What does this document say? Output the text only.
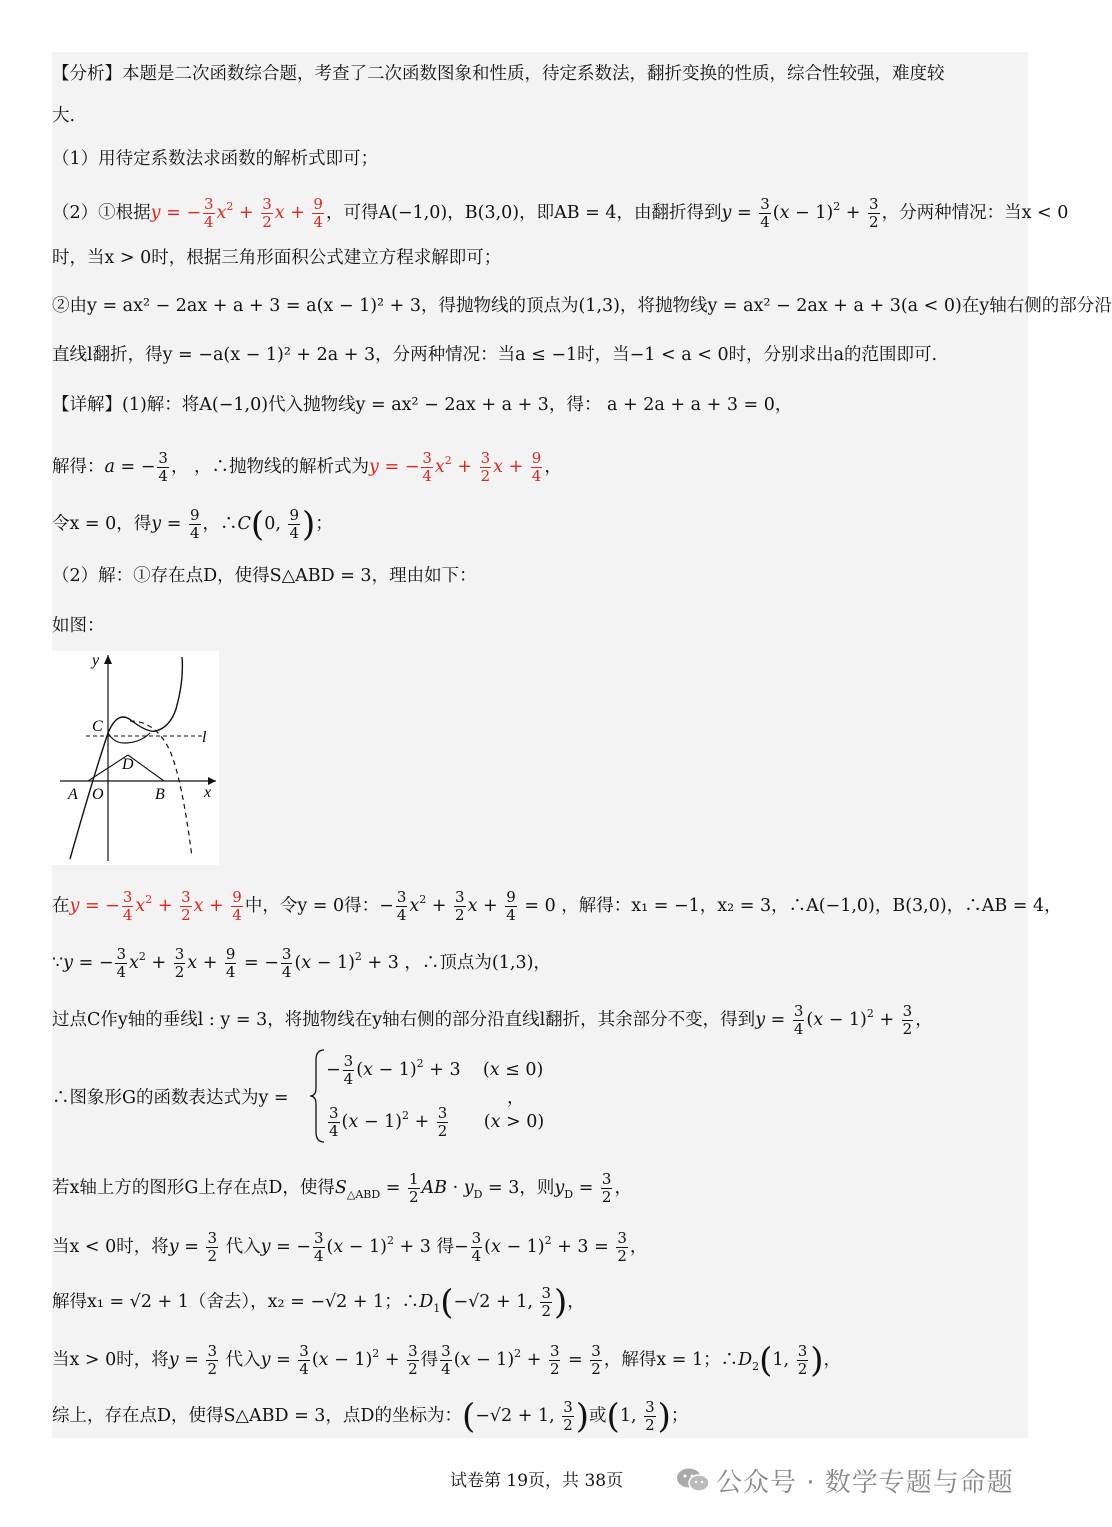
【分析】本题是二次函数综合题，考查了二次函数图象和性质，待定系数法，翻折变换的性质，综合性较强，难度较
大.
（1）用待定系数法求函数的解析式即可；
（2）①根据y = − $\frac{3}{4} x^2 + \frac{3}{2}$ $x + \frac{9}{4}$ ，可得A(−1,0)，B(3,0)，即AB = 4，由翻折得到$y = \frac{3}{4} (x - 1)^2 + \frac{3}{2}$ ，分两种情况：当x < 0
时，当x > 0时，根据三角形面积公式建立方程求解即可；
②由y = ax² − 2ax + a + 3 = a(x − 1)² + 3，得抛物线的顶点为(1,3)，将抛物线y = ax² − 2ax + a + 3(a < 0)在y轴右侧的部分沿
直线l翻折，得y = −a(x − 1)² + 2a + 3，分两种情况：当a ≤ −1时，当−1 < a < 0时，分别求出a的范围即可.
【详解】(1)解：将A(−1,0)代入抛物线y = ax² − 2ax + a + 3，得： a + 2a + a + 3 = 0，
解得：a = − $\frac{3}{4}$ ， ，∴抛物线的解析式为y = − $\frac{3}{4} x^2 + \frac{3}{2}$ $x + \frac{9}{4}$ ，
令x = 0，得$y = \frac{9}{4}$ ，∴C(0, $\frac{9}{4}$ )；
（2）解：①存在点D，使得S△ABD = 3，理由如下：
如图：
y
C
l
D
A O	B x
在y = − $\frac{3}{4} x^2 + \frac{3}{2}$ $x + \frac{9}{4}$ 中，令y = 0得：− $\frac{3}{4} x^2 + \frac{3}{2}$ $x + \frac{9}{4} = 0$ ，解得：x₁ = −1，x₂ = 3，∴A(−1,0)，B(3,0)，∴AB = 4，
∵y = − $\frac{3}{4} x^2 + \frac{3}{2}$ $x + \frac{9}{4}$ = − $\frac{3}{4} (x - 1)^2 + 3$ ，∴顶点为(1,3)，
过点C作y轴的垂线l : y = 3，将抛物线在y轴右侧的部分沿直线l翻折，其余部分不变，得到$y = \frac{3}{4} (x - 1)^2 + \frac{3}{2}$ ，
∴图象形G的函数表达式为y =
− $\frac{3}{4} (x - 1)^2 + 3$    (x ≤ 0)
$\frac{3}{4} (x - 1)^2 + \frac{3}{2} (x > 0)$
，
若x轴上方的图形G上存在点D，使得$S_{\triangle ABD} = \frac{1}{2}$ AB · $y_D = 3$，则$y_D = \frac{3}{2}$ ，
当x < 0时，将$y = \frac{3}{2}$ 代入y = − $\frac{3}{4} (x - 1)^2 + 3$ 得− $\frac{3}{4} (x - 1)^2 + 3 = \frac{3}{2}$ ，
解得x₁ = √2 + 1（舍去），x₂ = −√2 + 1；$\therefore D_1(-√2 + 1$, $\frac{3}{2}$ )，
当x > 0时，将$y = \frac{3}{2}$ 代入$y = \frac{3}{4} (x - 1)^2 + \frac{3}{2}$ 得 $\frac{3}{4} (x - 1)^2 + \frac{3}{2} = \frac{3}{2}$ ，解得x = 1；$\therefore D_2(1$, $\frac{3}{2}$ )，
综上，存在点D，使得S△ABD = 3，点D的坐标为：(−√2 + 1, $\frac{3}{2}$ )或(1, $\frac{3}{2}$ )；
试卷第 19页，共 38页	公众号 · 数学专题与命题
